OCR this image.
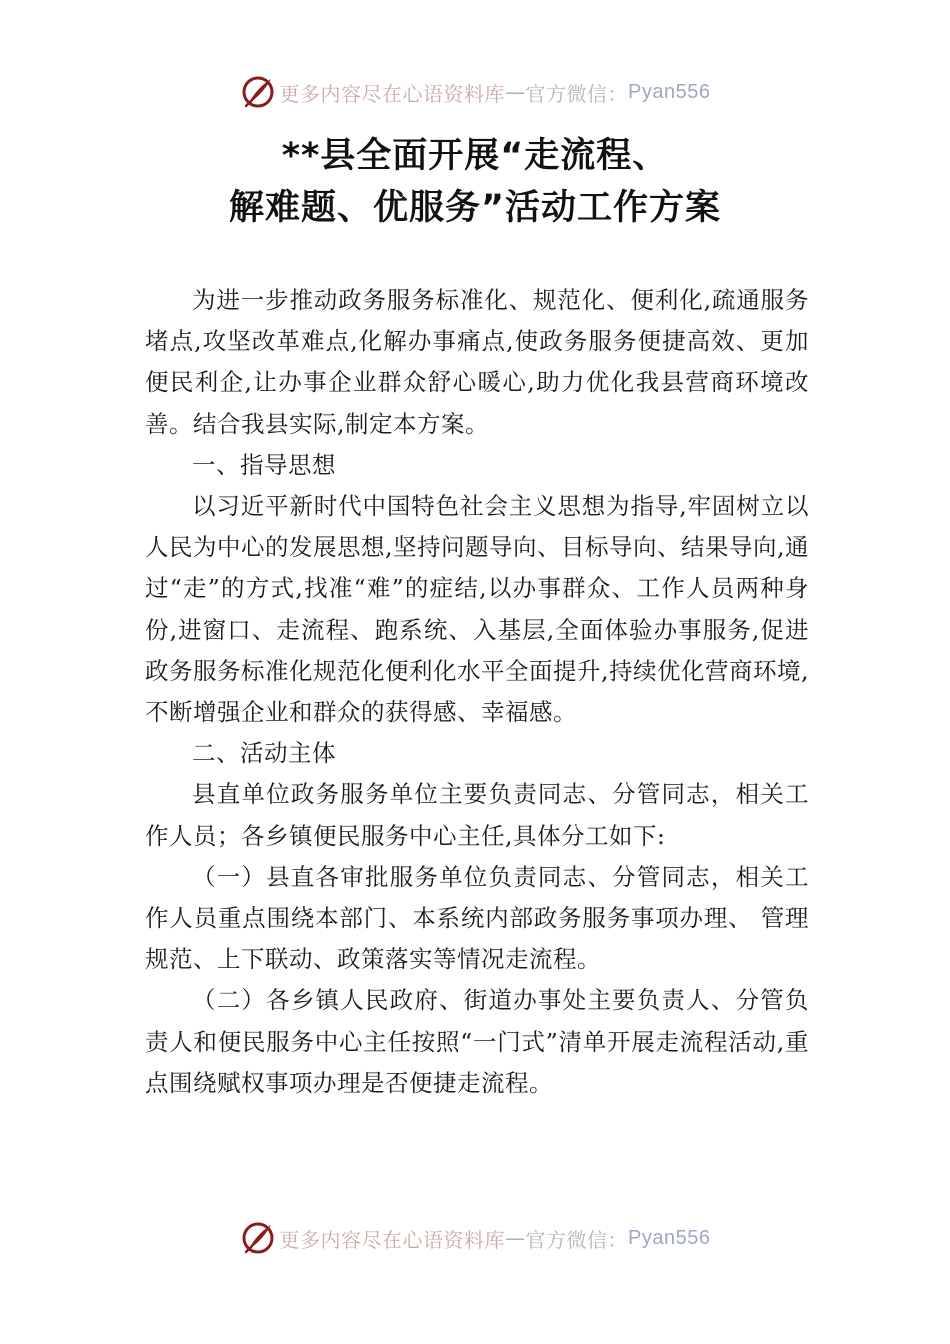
更多内容尽在心语资料库 — 官方微信： Pyan556
**县全面开展“走流程、
解难题、优服务”活动工作方案

为进一步推动政务服务标准化、规范化、便利化,疏通服务堵点,攻坚改革难点,化解办事痛点,使政务服务便捷高效、更加便民利企,让办事企业群众舒心暖心,助力优化我县营商环境改善。结合我县实际,制定本方案。

一、指导思想

以习近平新时代中国特色社会主义思想为指导,牢固树立以人民为中心的发展思想,坚持问题导向、目标导向、结果导向,通过“走”的方式,找准“难”的症结,以办事群众、工作人员两种身份,进窗口、走流程、跑系统、入基层,全面体验办事服务,促进政务服务标准化规范化便利化水平全面提升,持续优化营商环境,不断增强企业和群众的获得感、幸福感。

二、活动主体

县直单位政务服务单位主要负责同志、分管同志，相关工作人员；各乡镇便民服务中心主任,具体分工如下:

（一）县直各审批服务单位负责同志、分管同志，相关工作人员重点围绕本部门、本系统内部政务服务事项办理、 管理规范、上下联动、政策落实等情况走流程。

（二）各乡镇人民政府、街道办事处主要负责人、分管负责人和便民服务中心主任按照“一门式”清单开展走流程活动,重点围绕赋权事项办理是否便捷走流程。

更多内容尽在心语资料库 — 官方微信： Pyan556
